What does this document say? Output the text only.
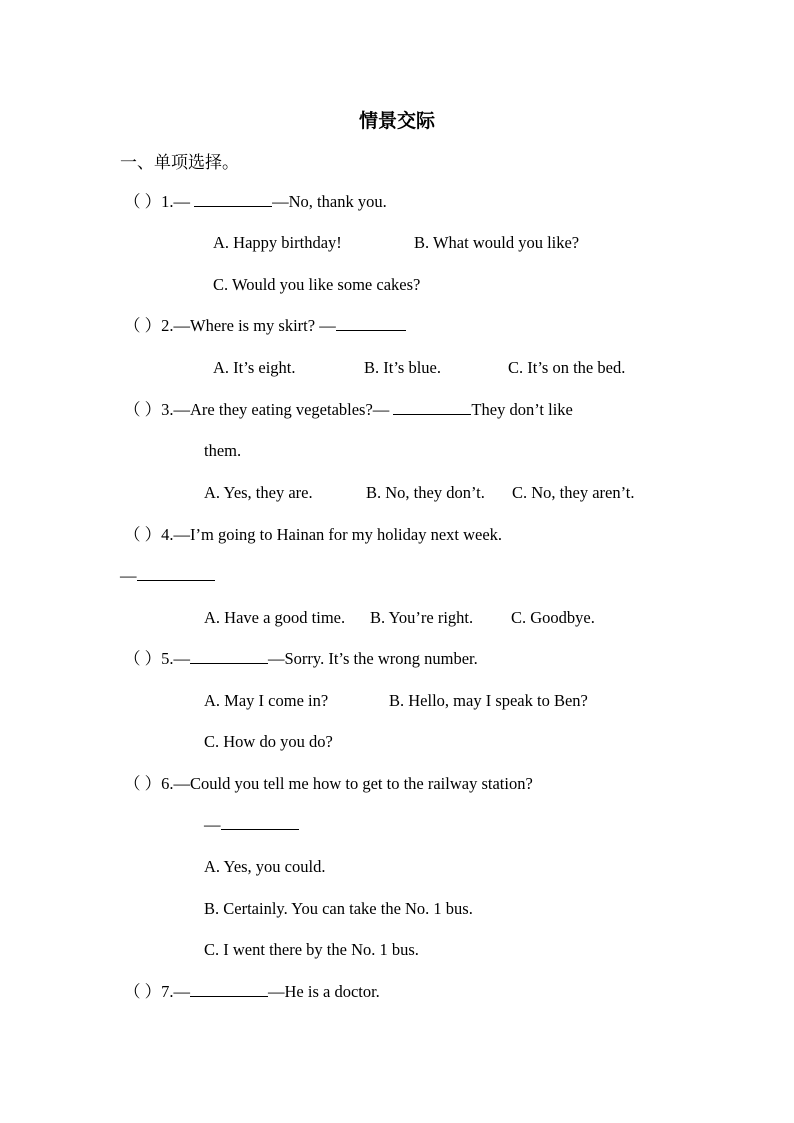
情景交际
一、单项选择。
（ ）1.—	—No, thank you.
A. Happy birthday!	B. What would you like?
C. Would you like some cakes?
（ ）2.—Where is my skirt? —
A. It’s eight.	B. It’s blue.	C. It’s on the bed.
（ ）3.—Are they eating vegetables?—	They don’t like
them.
A. Yes, they are.	B. No, they don’t. C. No, they aren’t.
（ ）4.—I’m going to Hainan for my holiday next week.
—
A. Have a good time. B. You’re right. C. Goodbye.
（ ）5.—	—Sorry. It’s the wrong number.
A. May I come in?	B. Hello, may I speak to Ben?
C. How do you do?
（ ）6.—Could you tell me how to get to the railway station?
—
A. Yes, you could.
B. Certainly. You can take the No. 1 bus.
C. I went there by the No. 1 bus.
（ ）7.—	—He is a doctor.
